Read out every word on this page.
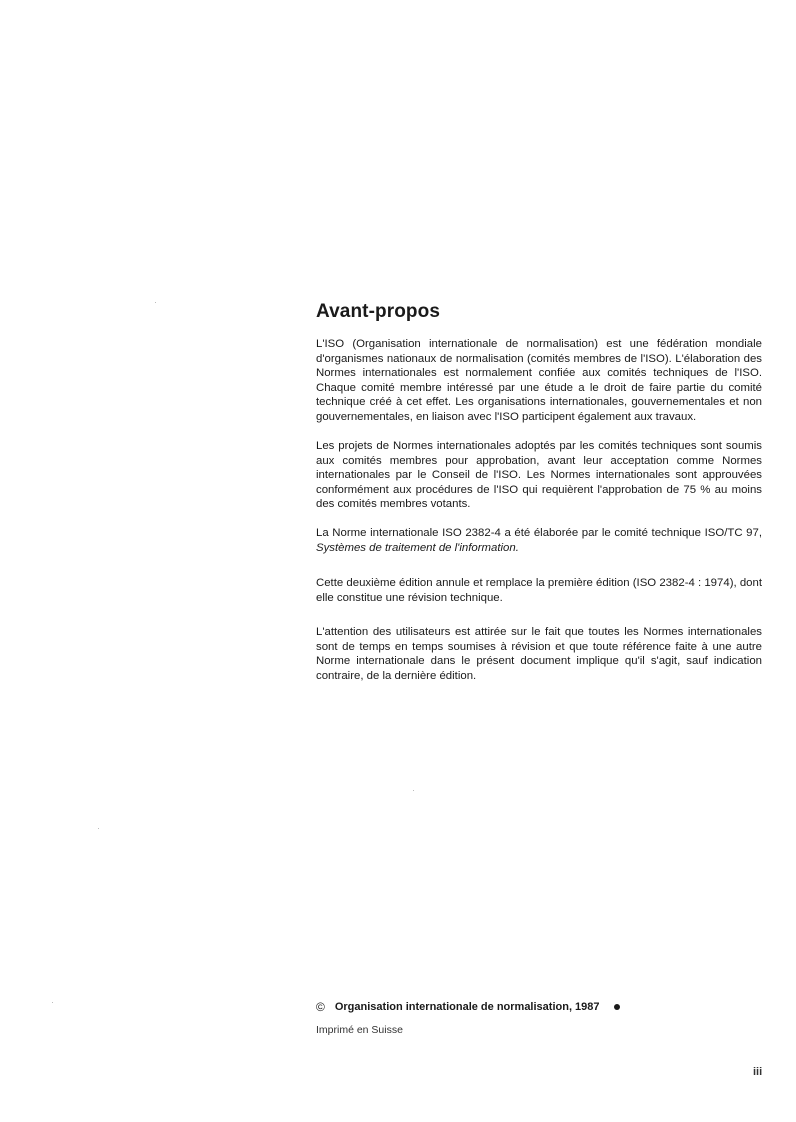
Avant-propos

L'ISO (Organisation internationale de normalisation) est une fédération mondiale d'organismes nationaux de normalisation (comités membres de l'ISO). L'élaboration des Normes internationales est normalement confiée aux comités techniques de l'ISO. Chaque comité membre intéressé par une étude a le droit de faire partie du comité technique créé à cet effet. Les organisations internationales, gouvernementales et non gouvernementales, en liaison avec l'ISO participent également aux travaux.

Les projets de Normes internationales adoptés par les comités techniques sont soumis aux comités membres pour approbation, avant leur acceptation comme Normes internationales par le Conseil de l'ISO. Les Normes internationales sont approuvées conformément aux procédures de l'ISO qui requièrent l'approbation de 75 % au moins des comités membres votants.

La Norme internationale ISO 2382-4 a été élaborée par le comité technique ISO/TC 97, Systèmes de traitement de l'information.

Cette deuxième édition annule et remplace la première édition (ISO 2382-4 : 1974), dont elle constitue une révision technique.

L'attention des utilisateurs est attirée sur le fait que toutes les Normes internationales sont de temps en temps soumises à révision et que toute référence faite à une autre Norme internationale dans le présent document implique qu'il s'agit, sauf indication contraire, de la dernière édition.

© Organisation internationale de normalisation, 1987
Imprimé en Suisse
iii
